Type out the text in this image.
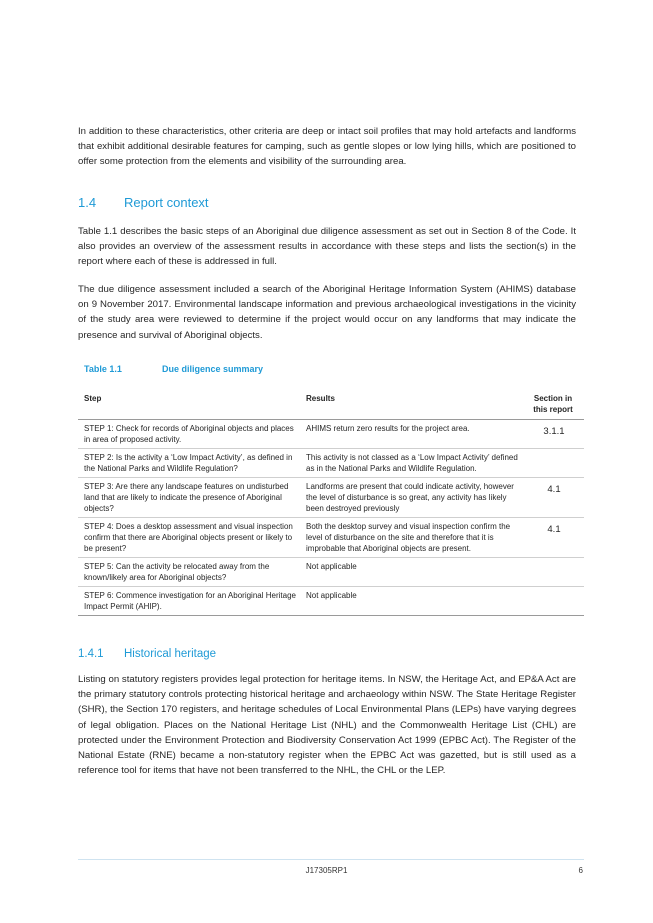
In addition to these characteristics, other criteria are deep or intact soil profiles that may hold artefacts and landforms that exhibit additional desirable features for camping, such as gentle slopes or low lying hills, which are positioned to offer some protection from the elements and visibility of the surrounding area.

1.4 Report context

Table 1.1 describes the basic steps of an Aboriginal due diligence assessment as set out in Section 8 of the Code. It also provides an overview of the assessment results in accordance with these steps and lists the section(s) in the report where each of these is addressed in full.

The due diligence assessment included a search of the Aboriginal Heritage Information System (AHIMS) database on 9 November 2017. Environmental landscape information and previous archaeological investigations in the vicinity of the study area were reviewed to determine if the project would occur on any landforms that may indicate the presence and survival of Aboriginal objects.

Table 1.1	Due diligence summary
Step	Results	Section in
this report
STEP 1: Check for records of Aboriginal objects and places in area of proposed activity.	AHIMS return zero results for the project area.	3.1.1
STEP 2: Is the activity a ‘Low Impact Activity’, as defined in the National Parks and Wildlife Regulation?	This activity is not classed as a ‘Low Impact Activity’ defined as in the National Parks and Wildlife Regulation.	
STEP 3: Are there any landscape features on undisturbed land that are likely to indicate the presence of Aboriginal objects?	Landforms are present that could indicate activity, however the level of disturbance is so great, any activity has likely been destroyed previously	4.1
STEP 4: Does a desktop assessment and visual inspection confirm that there are Aboriginal objects present or likely to be present?	Both the desktop survey and visual inspection confirm the level of disturbance on the site and therefore that it is improbable that Aboriginal objects are present.	4.1
STEP 5: Can the activity be relocated away from the known/likely area for Aboriginal objects?	Not applicable	
STEP 6: Commence investigation for an Aboriginal Heritage Impact Permit (AHIP).	Not applicable	
1.4.1 Historical heritage

Listing on statutory registers provides legal protection for heritage items. In NSW, the Heritage Act, and EP&A Act are the primary statutory controls protecting historical heritage and archaeology within NSW. The State Heritage Register (SHR), the Section 170 registers, and heritage schedules of Local Environmental Plans (LEPs) have varying degrees of legal obligation. Places on the National Heritage List (NHL) and the Commonwealth Heritage List (CHL) are protected under the Environment Protection and Biodiversity Conservation Act 1999 (EPBC Act). The Register of the National Estate (RNE) became a non-statutory register when the EPBC Act was gazetted, but is still used as a reference tool for items that have not been transferred to the NHL, the CHL or the LEP.

J17305RP1	6
